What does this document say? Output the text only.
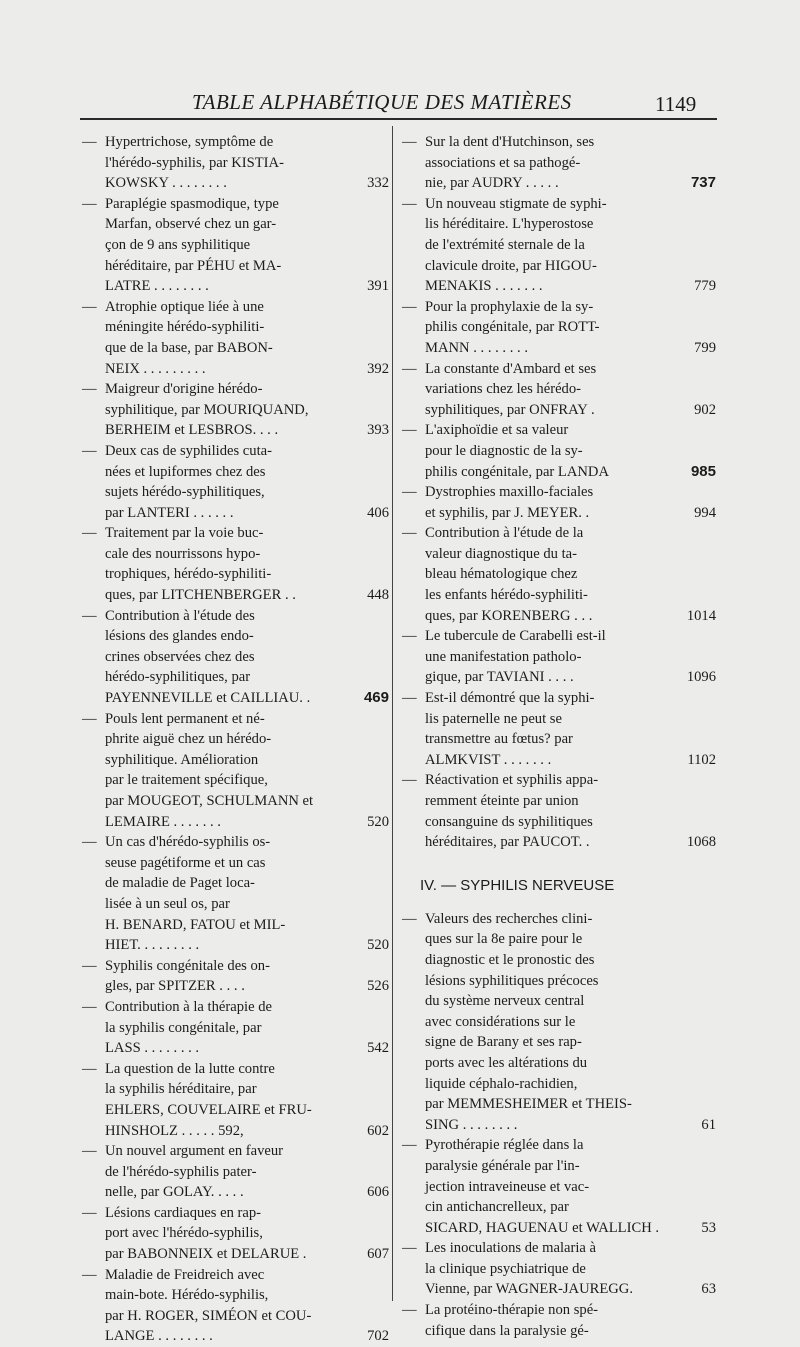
TABLE ALPHABÉTIQUE DES MATIÈRES	1149
— Hypertrichose, symptôme de
l'hérédo-syphilis, par KISTIA-
KOWSKY . . . . . . . .	332
— Paraplégie spasmodique, type
Marfan, observé chez un gar-
çon de 9 ans syphilitique
héréditaire, par PÉHU et MA-
LATRE . . . . . . . .	391
— Atrophie optique liée à une
méningite hérédo-syphiliti-
que de la base, par BABON-
NEIX . . . . . . . . .	392
— Maigreur d'origine hérédo-
syphilitique, par MOURIQUAND,
BERHEIM et LESBROS. . . .	393
— Deux cas de syphilides cuta-
nées et lupiformes chez des
sujets hérédo-syphilitiques,
par LANTERI . . . . . .	406
— Traitement par la voie buc-
cale des nourrissons hypo-
trophiques, hérédo-syphiliti-
ques, par LITCHENBERGER . .	448
— Contribution à l'étude des
lésions des glandes endo-
crines observées chez des
hérédo-syphilitiques, par
PAYENNEVILLE et CAILLIAU. .	469
— Pouls lent permanent et né-
phrite aiguë chez un hérédo-
syphilitique. Amélioration
par le traitement spécifique,
par MOUGEOT, SCHULMANN et
LEMAIRE . . . . . . .	520
— Un cas d'hérédo-syphilis os-
seuse pagétiforme et un cas
de maladie de Paget loca-
lisée à un seul os, par
H. BENARD, FATOU et MIL-
HIET. . . . . . . . .	520
— Syphilis congénitale des on-
gles, par SPITZER . . . .	526
— Contribution à la thérapie de
la syphilis congénitale, par
LASS . . . . . . . .	542
— La question de la lutte contre
la syphilis héréditaire, par
EHLERS, COUVELAIRE et FRU-
HINSHOLZ . . . . . 592,	602
— Un nouvel argument en faveur
de l'hérédo-syphilis pater-
nelle, par GOLAY. . . . .	606
— Lésions cardiaques en rap-
port avec l'hérédo-syphilis,
par BABONNEIX et DELARUE .	607
— Maladie de Freidreich avec
main-bote. Hérédo-syphilis,
par H. ROGER, SIMÉON et COU-
LANGE . . . . . . . .	702
— Sur la dent d'Hutchinson, ses
associations et sa pathogé-
nie, par AUDRY . . . . .	737
— Un nouveau stigmate de syphi-
lis héréditaire. L'hyperostose
de l'extrémité sternale de la
clavicule droite, par HIGOU-
MENAKIS . . . . . . .	779
— Pour la prophylaxie de la sy-
philis congénitale, par ROTT-
MANN . . . . . . . .	799
— La constante d'Ambard et ses
variations chez les hérédo-
syphilitiques, par ONFRAY .	902
— L'axiphoïdie et sa valeur
pour le diagnostic de la sy-
philis congénitale, par LANDA	985
— Dystrophies maxillo-faciales
et syphilis, par J. MEYER. .	994
— Contribution à l'étude de la
valeur diagnostique du ta-
bleau hématologique chez
les enfants hérédo-syphiliti-
ques, par KORENBERG . . .	1014
— Le tubercule de Carabelli est-il
une manifestation patholo-
gique, par TAVIANI . . . .	1096
— Est-il démontré que la syphi-
lis paternelle ne peut se
transmettre au fœtus? par
ALMKVIST . . . . . . .	1102
— Réactivation et syphilis appa-
remment éteinte par union
consanguine ds syphilitiques
héréditaires, par PAUCOT. .	1068
IV. — SYPHILIS NERVEUSE
— Valeurs des recherches clini-
ques sur la 8e paire pour le
diagnostic et le pronostic des
lésions syphilitiques précoces
du système nerveux central
avec considérations sur le
signe de Barany et ses rap-
ports avec les altérations du
liquide céphalo-rachidien,
par MEMMESHEIMER et THEIS-
SING . . . . . . . .	61
— Pyrothérapie réglée dans la
paralysie générale par l'in-
jection intraveineuse et vac-
cin antichancrelleux, par
SICARD, HAGUENAU et WALLICH .	53
— Les inoculations de malaria à
la clinique psychiatrique de
Vienne, par WAGNER-JAUREGG.	63
— La protéino-thérapie non spé-
cifique dans la paralysie gé-
